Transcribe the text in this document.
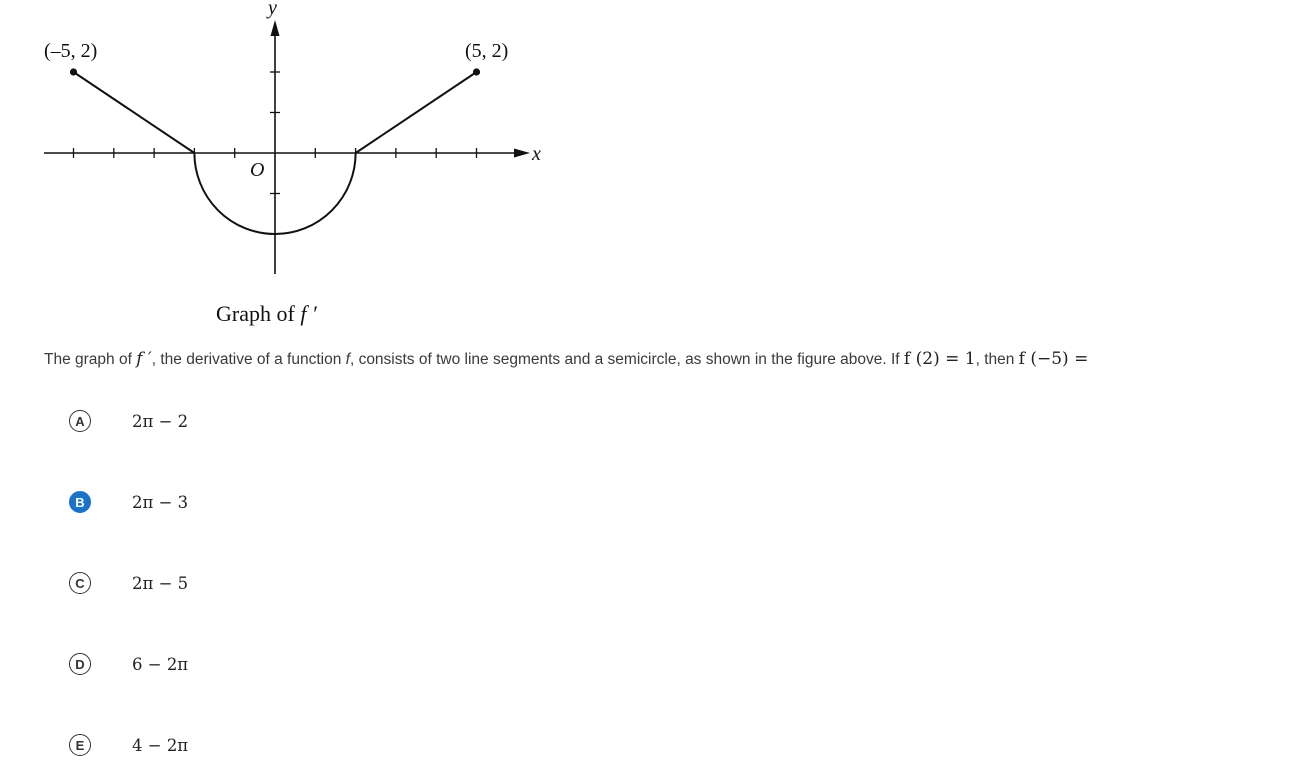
y
x
O
(–5, 2)	(5, 2)
Graph of f ′
The graph of f ′, the derivative of a function f, consists of two line segments and a semicircle, as shown in the figure above. If f (2) = 1, then f (−5) =
A	2π − 2
B	2π − 3
C	2π − 5
D	6 − 2π
E	4 − 2π
